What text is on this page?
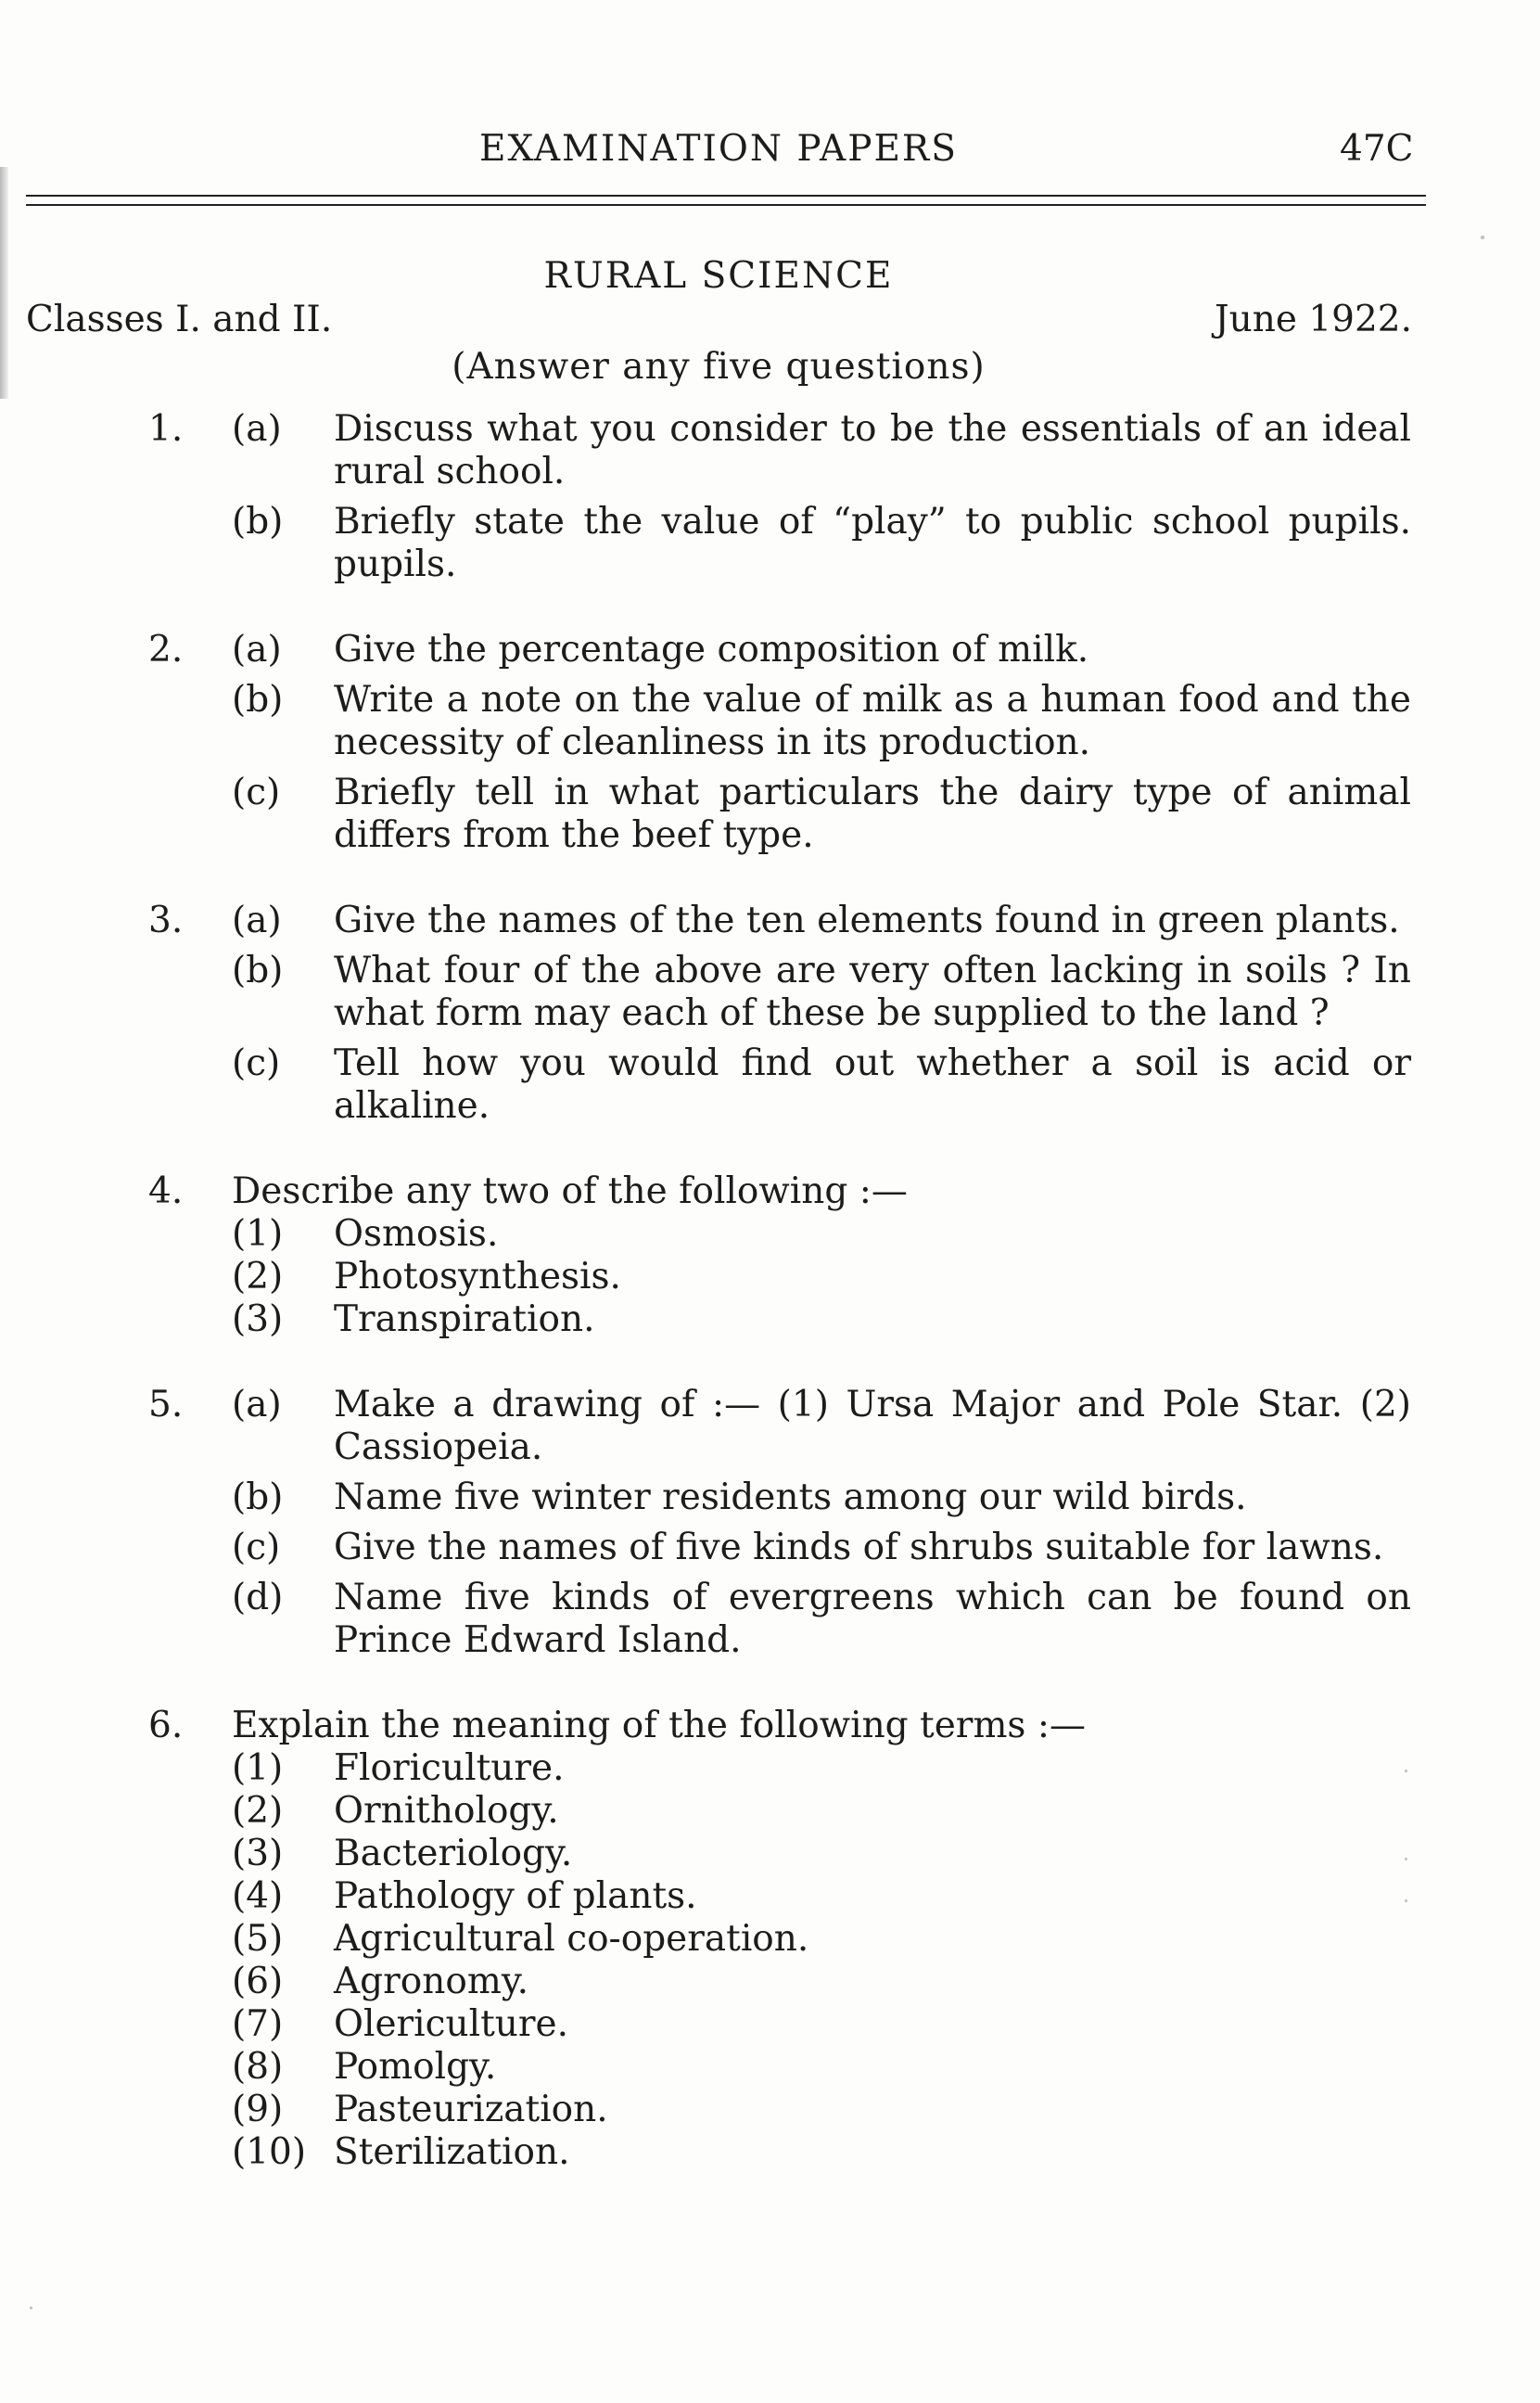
EXAMINATION PAPERS	47C
RURAL SCIENCE
Classes I. and II.	June 1922.
(Answer any five questions)
1. (a) Discuss what you consider to be the essentials of an ideal rural school.
(b) Briefly state the value of “play” to public school pupils. pupils.
2. (a) Give the percentage composition of milk.
(b) Write a note on the value of milk as a human food and the necessity of cleanliness in its production.
(c) Briefly tell in what particulars the dairy type of animal differs from the beef type.
3. (a) Give the names of the ten elements found in green plants.
(b) What four of the above are very often lacking in soils ? In what form may each of these be supplied to the land ?
(c) Tell how you would find out whether a soil is acid or alkaline.
4. Describe any two of the following :—
(1) Osmosis.
(2) Photosynthesis.
(3) Transpiration.
5. (a) Make a drawing of :— (1) Ursa Major and Pole Star. (2) Cassiopeia.
(b) Name five winter residents among our wild birds.
(c) Give the names of five kinds of shrubs suitable for lawns.
(d) Name five kinds of evergreens which can be found on Prince Edward Island.
6. Explain the meaning of the following terms :—
(1) Floriculture.
(2) Ornithology.
(3) Bacteriology.
(4) Pathology of plants.
(5) Agricultural co-operation.
(6) Agronomy.
(7) Olericulture.
(8) Pomolgy.
(9) Pasteurization.
(10) Sterilization.
